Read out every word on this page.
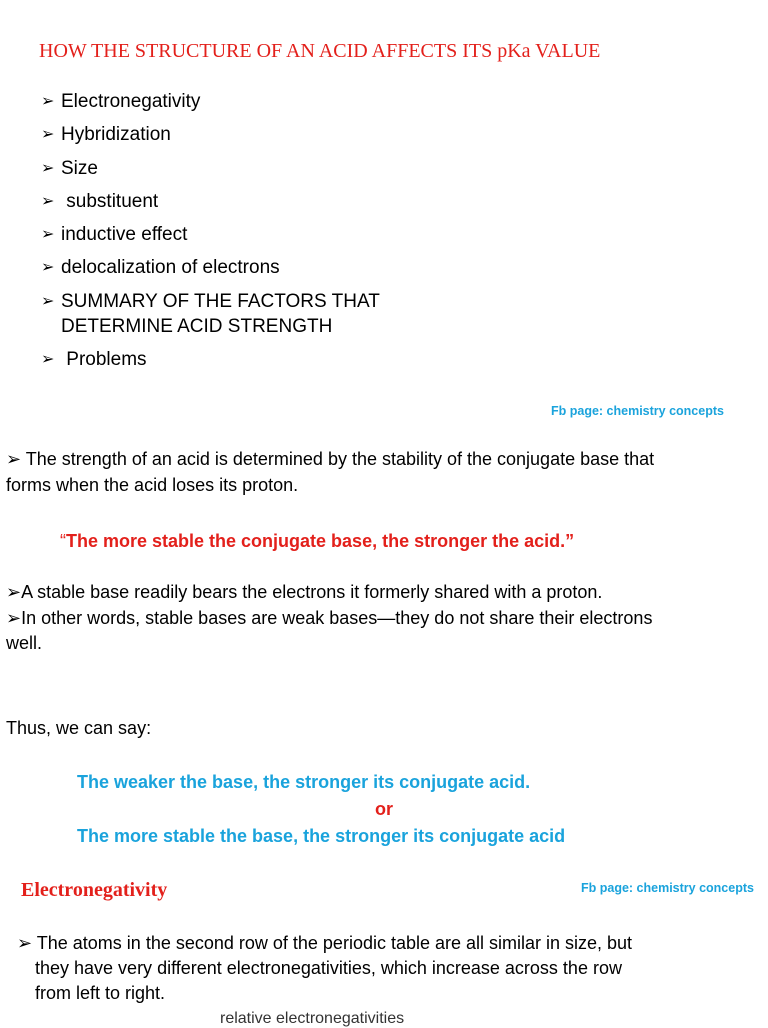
HOW THE STRUCTURE OF AN ACID AFFECTS ITS pKa VALUE
➢ Electronegativity
➢ Hybridization
➢ Size
➢ substituent
➢ inductive effect
➢ delocalization of electrons
➢ SUMMARY OF THE FACTORS THAT
DETERMINE ACID STRENGTH
➢ Problems
Fb page: chemistry concepts
➢ The strength of an acid is determined by the stability of the conjugate base that
forms when the acid loses its proton.
“The more stable the conjugate base, the stronger the acid.”
➢A stable base readily bears the electrons it formerly shared with a proton.
➢In other words, stable bases are weak bases—they do not share their electrons
well.
Thus, we can say:
The weaker the base, the stronger its conjugate acid.
or
The more stable the base, the stronger its conjugate acid
Electronegativity	Fb page: chemistry concepts
➢ The atoms in the second row of the periodic table are all similar in size, but
they have very different electronegativities, which increase across the row
from left to right.
relative electronegativities
